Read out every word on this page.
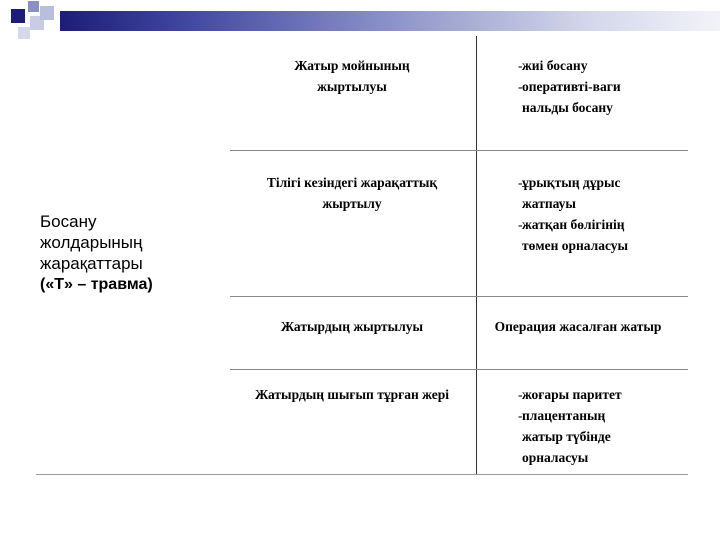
Босану
жолдарының
жарақаттары
(«Т» – травма)
Жатыр мойнының жыртылуы
- жиі босану
- оперативті-ваги нальды босану
Тілігі кезіндегі жарақаттық жыртылу
- ұрықтың дұрыс жатпауы
- жатқан бөлігінің төмен орналасуы
Жатырдың жыртылуы	Операция жасалған жатыр
Жатырдың шығып тұрған жері
-	жоғары паритет
- плацентаның жатыр түбінде орналасуы
